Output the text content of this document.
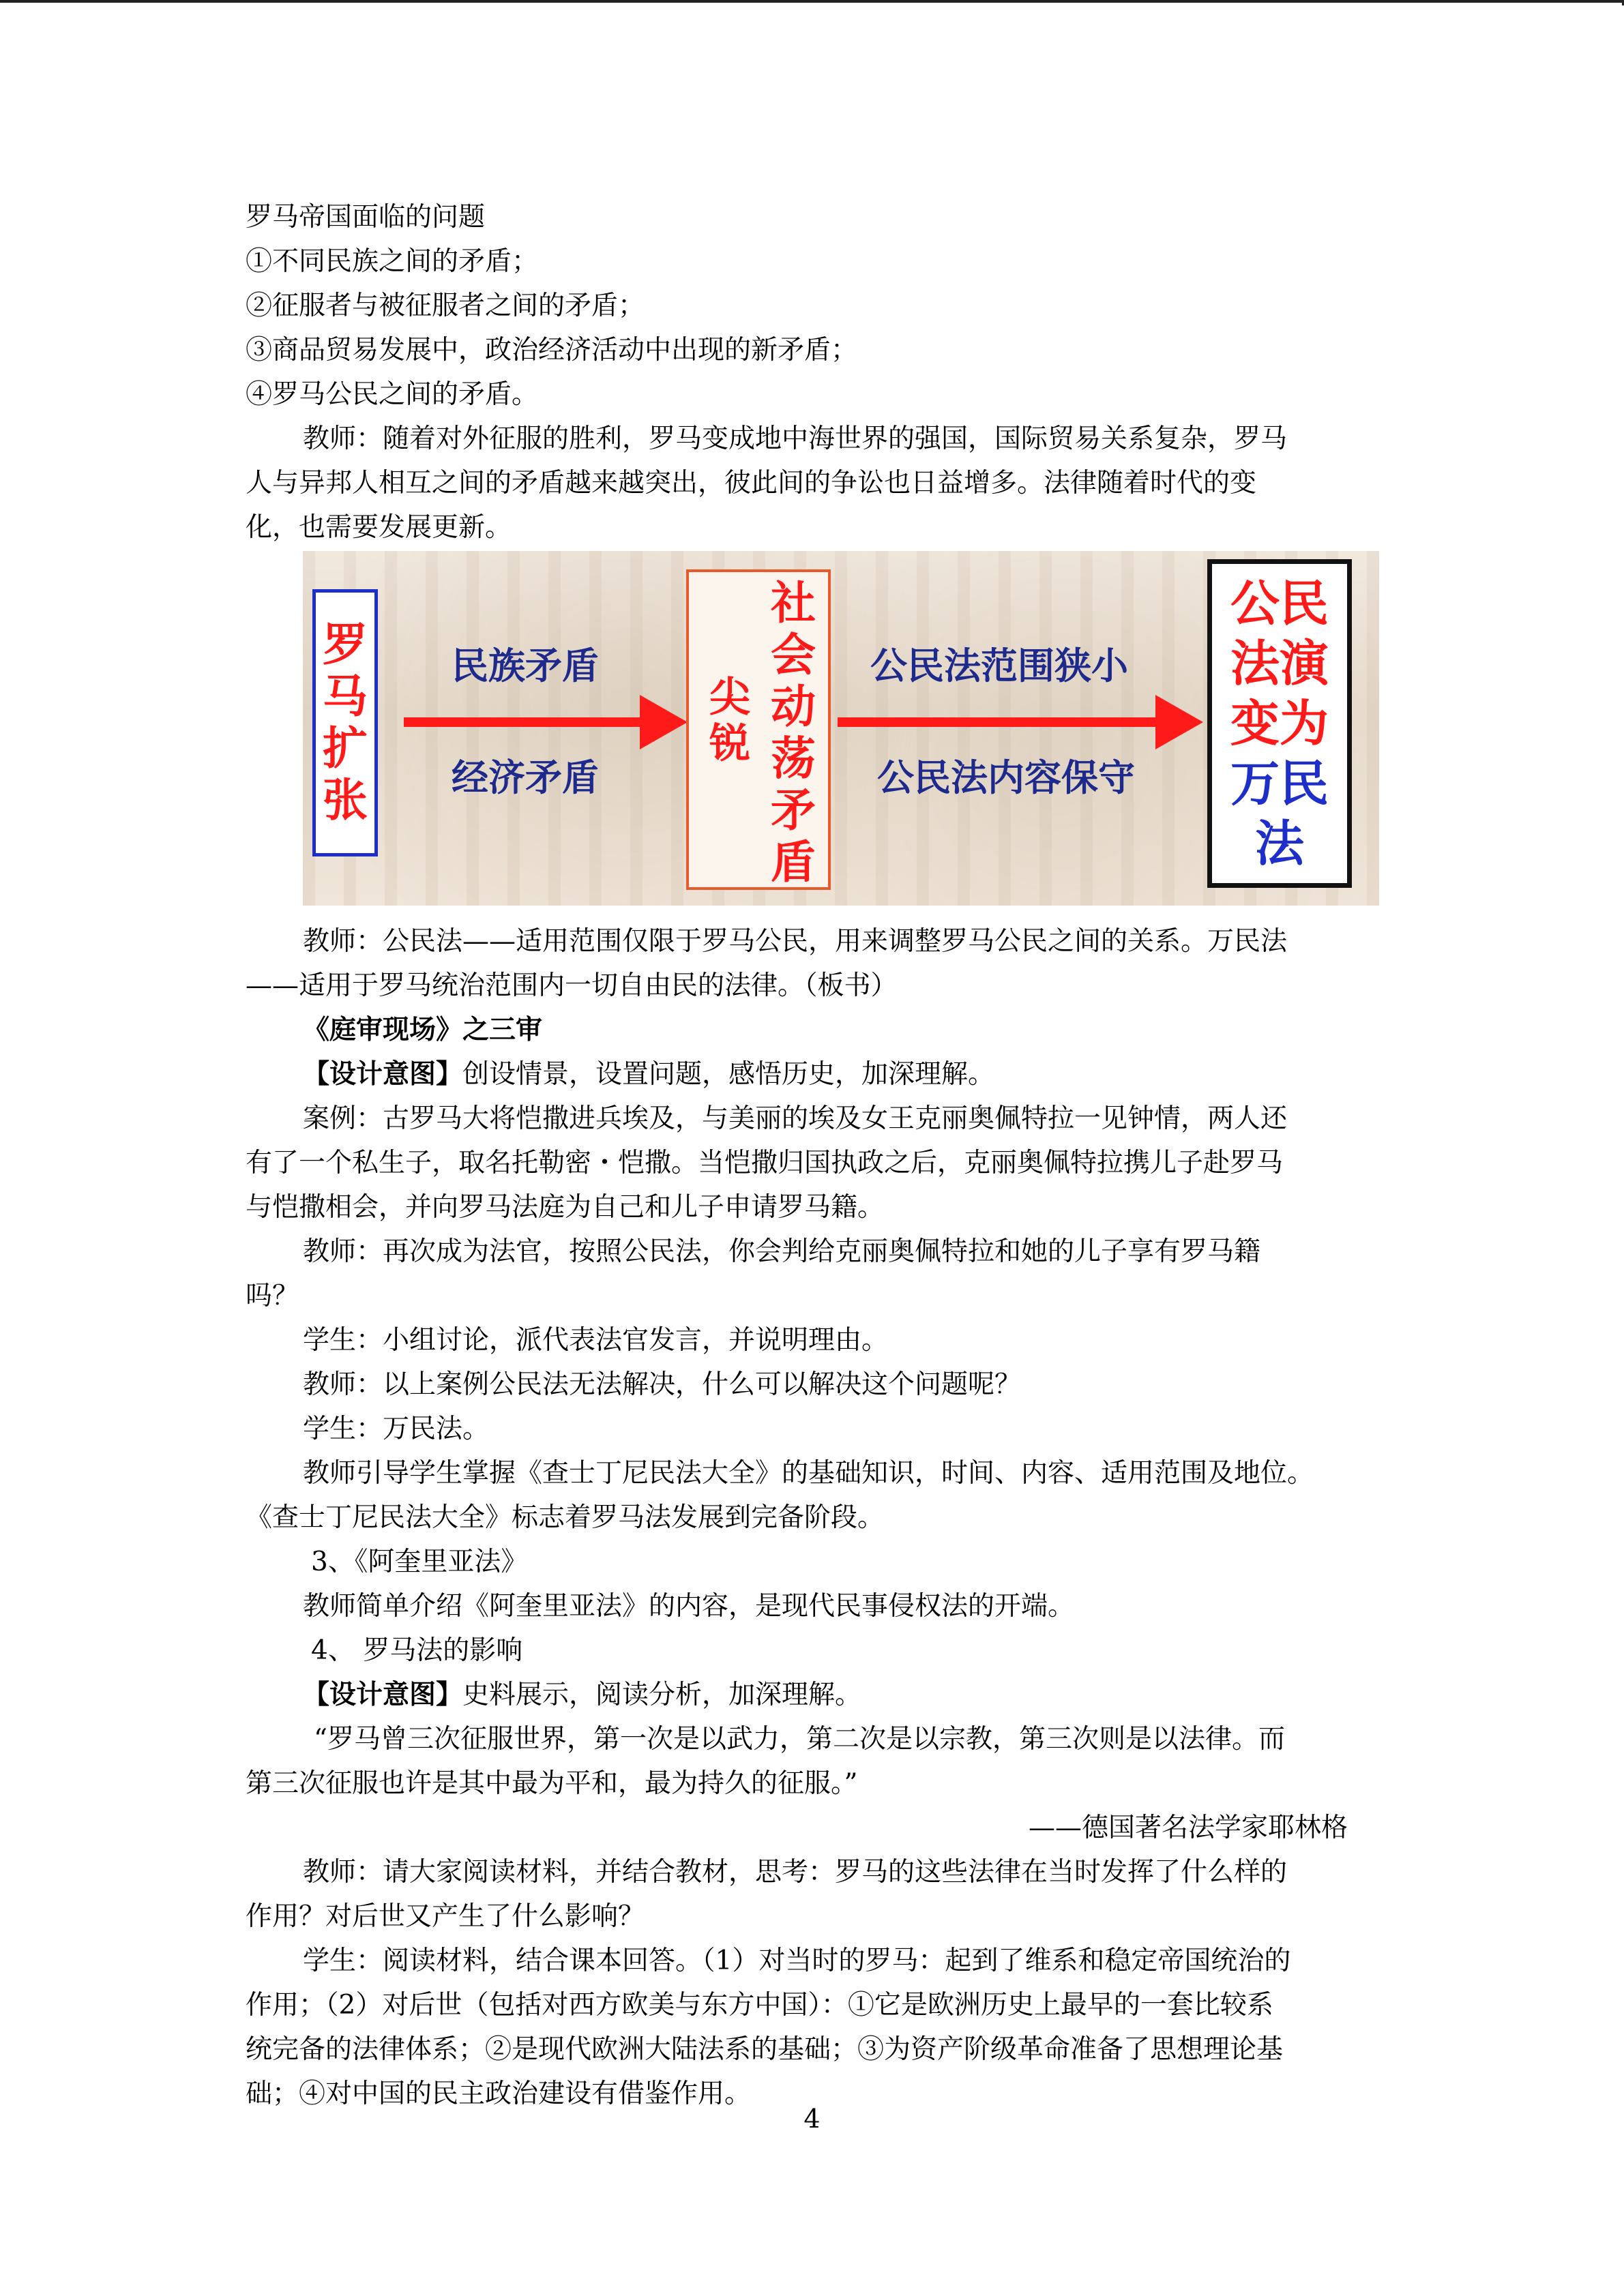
罗马帝国面临的问题

①不同民族之间的矛盾；

②征服者与被征服者之间的矛盾；

③商品贸易发展中，政治经济活动中出现的新矛盾；

④罗马公民之间的矛盾。

教师：随着对外征服的胜利，罗马变成地中海世界的强国，国际贸易关系复杂，罗马

人与异邦人相互之间的矛盾越来越突出，彼此间的争讼也日益增多。法律随着时代的变

化，也需要发展更新。

教师：公民法——适用范围仅限于罗马公民，用来调整罗马公民之间的关系。万民法

——适用于罗马统治范围内一切自由民的法律。（板书）

《庭审现场》之三审

【设计意图】创设情景，设置问题，感悟历史，加深理解。

案例：古罗马大将恺撒进兵埃及，与美丽的埃及女王克丽奥佩特拉一见钟情，两人还

有了一个私生子，取名托勒密・恺撒。当恺撒归国执政之后，克丽奥佩特拉携儿子赴罗马

与恺撒相会，并向罗马法庭为自己和儿子申请罗马籍。

教师：再次成为法官，按照公民法，你会判给克丽奥佩特拉和她的儿子享有罗马籍

吗？

学生：小组讨论，派代表法官发言，并说明理由。

教师：以上案例公民法无法解决，什么可以解决这个问题呢？

学生：万民法。

教师引导学生掌握《查士丁尼民法大全》的基础知识，时间、内容、适用范围及地位。

《查士丁尼民法大全》标志着罗马法发展到完备阶段。

3、《阿奎里亚法》

教师简单介绍《阿奎里亚法》的内容，是现代民事侵权法的开端。

4、 罗马法的影响

【设计意图】史料展示，阅读分析，加深理解。

“罗马曾三次征服世界，第一次是以武力，第二次是以宗教，第三次则是以法律。而

第三次征服也许是其中最为平和，最为持久的征服。”

——德国著名法学家耶林格

教师：请大家阅读材料，并结合教材，思考：罗马的这些法律在当时发挥了什么样的

作用？对后世又产生了什么影响？

学生：阅读材料，结合课本回答。（1）对当时的罗马：起到了维系和稳定帝国统治的

作用；（2）对后世（包括对西方欧美与东方中国）：①它是欧洲历史上最早的一套比较系

统完备的法律体系；②是现代欧洲大陆法系的基础；③为资产阶级革命准备了思想理论基

础；④对中国的民主政治建设有借鉴作用。

罗
马
扩
张
民族矛盾
经济矛盾
社
会
动
荡
矛
盾
尖
锐
公民法范围狭小
公民法内容保守
公民
法演
变为
万民
法
4
